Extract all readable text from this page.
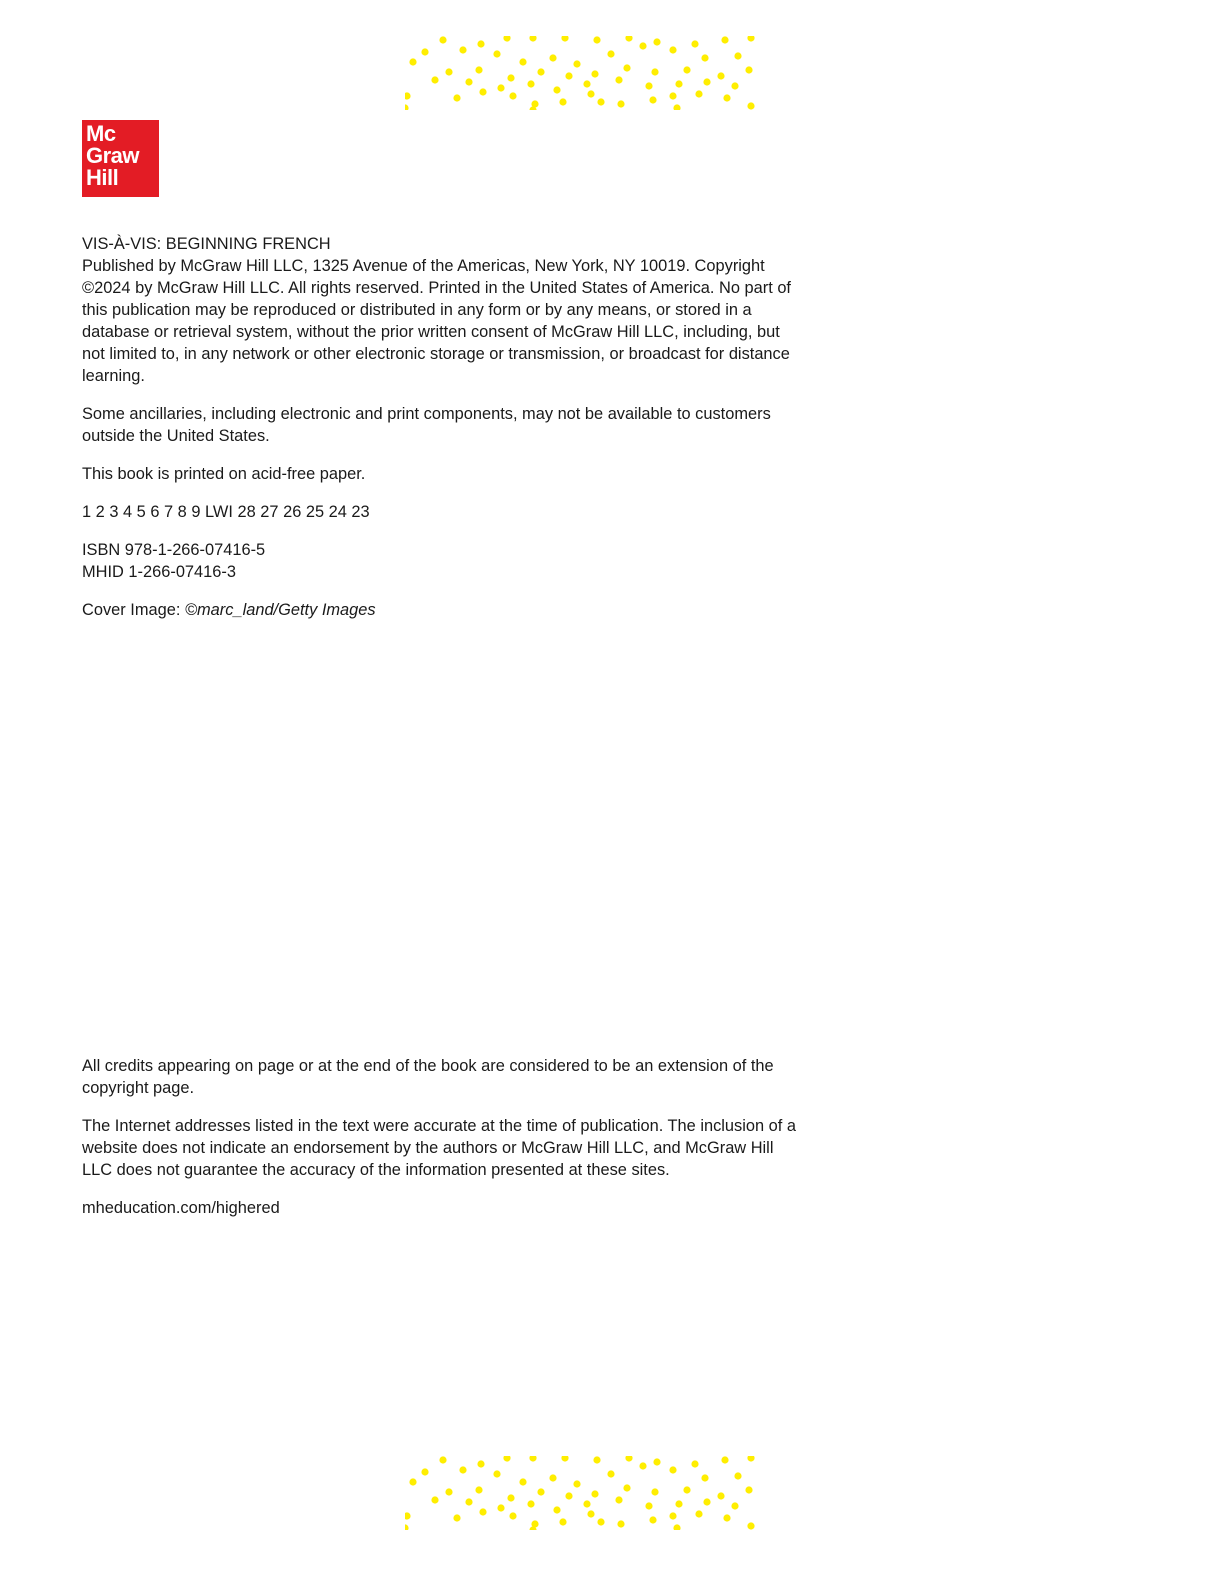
Mc
Graw
Hill

VIS-À-VIS: BEGINNING FRENCH
Published by McGraw Hill LLC, 1325 Avenue of the Americas, New York, NY 10019. Copyright ©2024 by McGraw Hill LLC. All rights reserved. Printed in the United States of America. No part of this publication may be reproduced or distributed in any form or by any means, or stored in a database or retrieval system, without the prior written consent of McGraw Hill LLC, including, but not limited to, in any network or other electronic storage or transmission, or broadcast for distance learning.

Some ancillaries, including electronic and print components, may not be available to customers outside the United States.

This book is printed on acid-free paper.

1 2 3 4 5 6 7 8 9 LWI 28 27 26 25 24 23

ISBN 978-1-266-07416-5
MHID 1-266-07416-3

Cover Image: ©marc_land/Getty Images

All credits appearing on page or at the end of the book are considered to be an extension of the copyright page.

The Internet addresses listed in the text were accurate at the time of publication. The inclusion of a website does not indicate an endorsement by the authors or McGraw Hill LLC, and McGraw Hill LLC does not guarantee the accuracy of the information presented at these sites.

mheducation.com/highered
